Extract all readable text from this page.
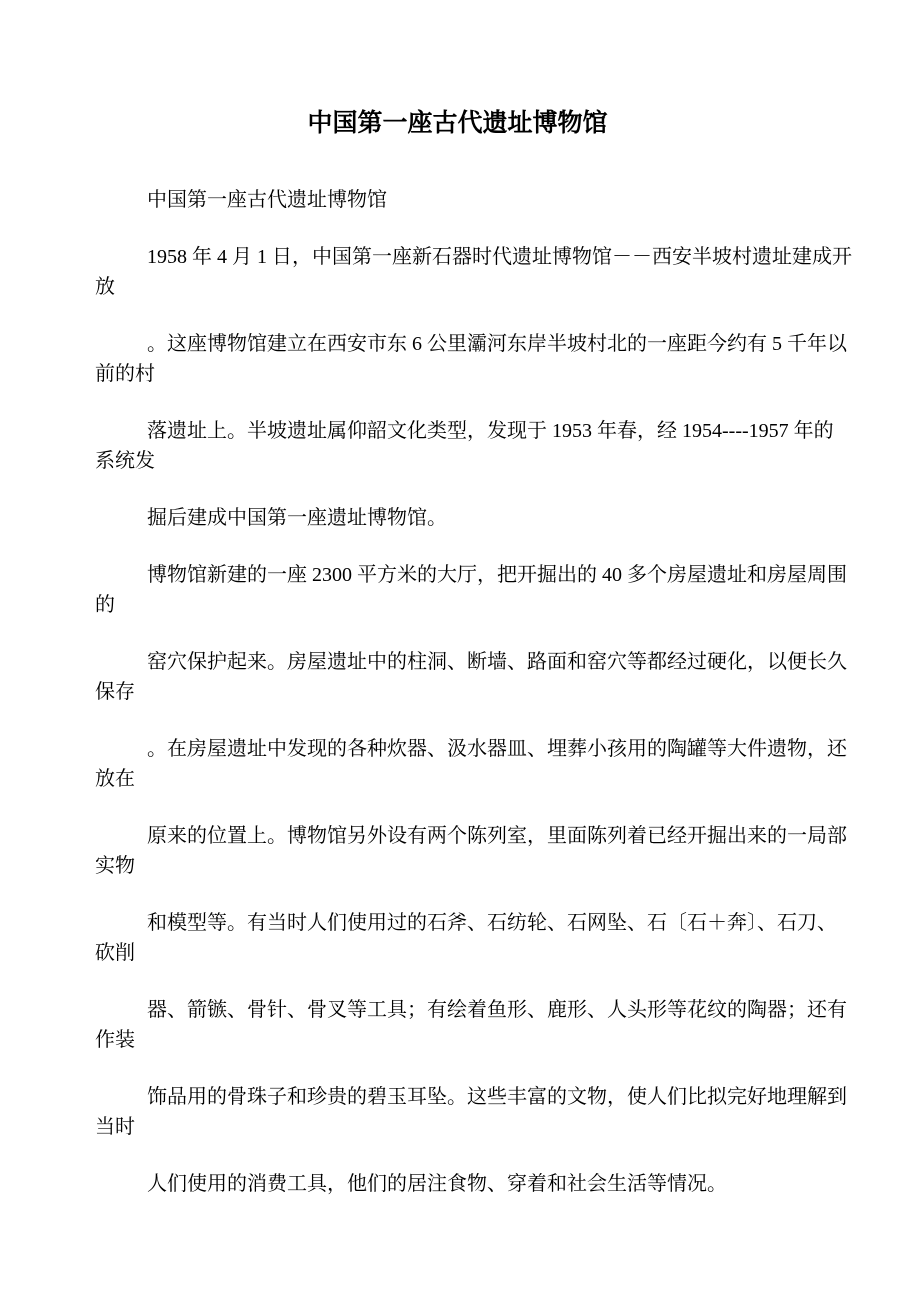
中国第一座古代遗址博物馆

中国第一座古代遗址博物馆

1958 年 4 月 1 日，中国第一座新石器时代遗址博物馆－－西安半坡村遗址建成开
放

。这座博物馆建立在西安市东 6 公里灞河东岸半坡村北的一座距今约有 5 千年以
前的村

落遗址上。半坡遗址属仰韶文化类型，发现于 1953 年春，经 1954----1957 年的
系统发

掘后建成中国第一座遗址博物馆。

博物馆新建的一座 2300 平方米的大厅，把开掘出的 40 多个房屋遗址和房屋周围
的

窑穴保护起来。房屋遗址中的柱洞、断墙、路面和窑穴等都经过硬化，以便长久
保存

。在房屋遗址中发现的各种炊器、汲水器皿、埋葬小孩用的陶罐等大件遗物，还
放在

原来的位置上。博物馆另外设有两个陈列室，里面陈列着已经开掘出来的一局部
实物

和模型等。有当时人们使用过的石斧、石纺轮、石网坠、石〔石＋奔〕、石刀、
砍削

器、箭镞、骨针、骨叉等工具；有绘着鱼形、鹿形、人头形等花纹的陶器；还有
作装

饰品用的骨珠子和珍贵的碧玉耳坠。这些丰富的文物，使人们比拟完好地理解到
当时

人们使用的消费工具，他们的居注食物、穿着和社会生活等情况。
